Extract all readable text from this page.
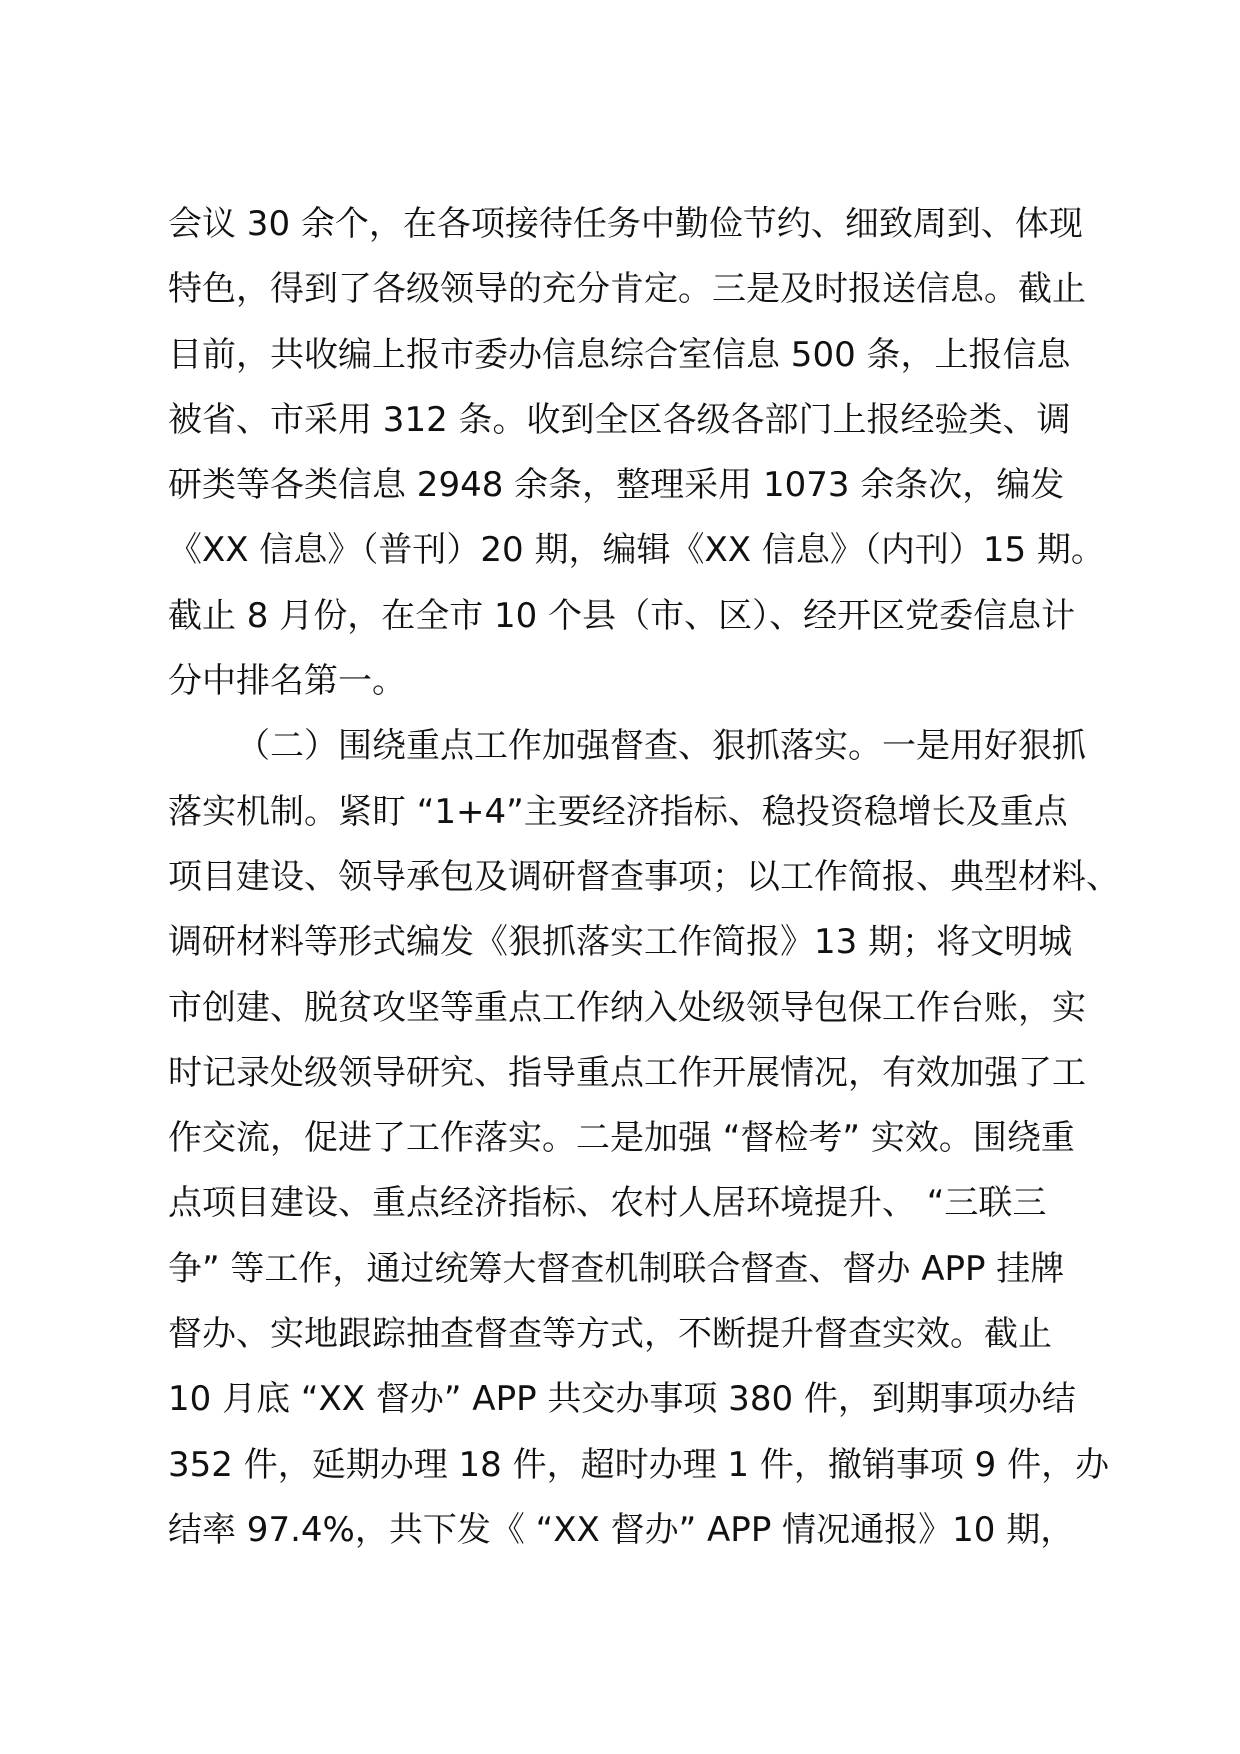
会议 30 余个，在各项接待任务中勤俭节约、细致周到、体现
特色，得到了各级领导的充分肯定。三是及时报送信息。截止
目前，共收编上报市委办信息综合室信息 500 条，上报信息
被省、市采用 312 条。收到全区各级各部门上报经验类、调
研类等各类信息 2948 余条，整理采用 1073 余条次，编发
《XX 信息》（普刊）20 期，编辑《XX 信息》（内刊）15 期。
截止 8 月份，在全市 10 个县（市、区）、经开区党委信息计
分中排名第一。
（二）围绕重点工作加强督查、狠抓落实。一是用好狠抓
落实机制。紧盯 “1+4”主要经济指标、稳投资稳增长及重点
项目建设、领导承包及调研督查事项；以工作简报、典型材料、
调研材料等形式编发《狠抓落实工作简报》13 期；将文明城
市创建、脱贫攻坚等重点工作纳入处级领导包保工作台账，实
时记录处级领导研究、指导重点工作开展情况，有效加强了工
作交流，促进了工作落实。二是加强 “督检考” 实效。围绕重
点项目建设、重点经济指标、农村人居环境提升、 “三联三
争” 等工作，通过统筹大督查机制联合督查、督办 APP 挂牌
督办、实地跟踪抽查督查等方式，不断提升督查实效。截止
10 月底 “XX 督办” APP 共交办事项 380 件，到期事项办结
352 件，延期办理 18 件，超时办理 1 件，撤销事项 9 件，办
结率 97.4%，共下发《 “XX 督办” APP 情况通报》10 期，
